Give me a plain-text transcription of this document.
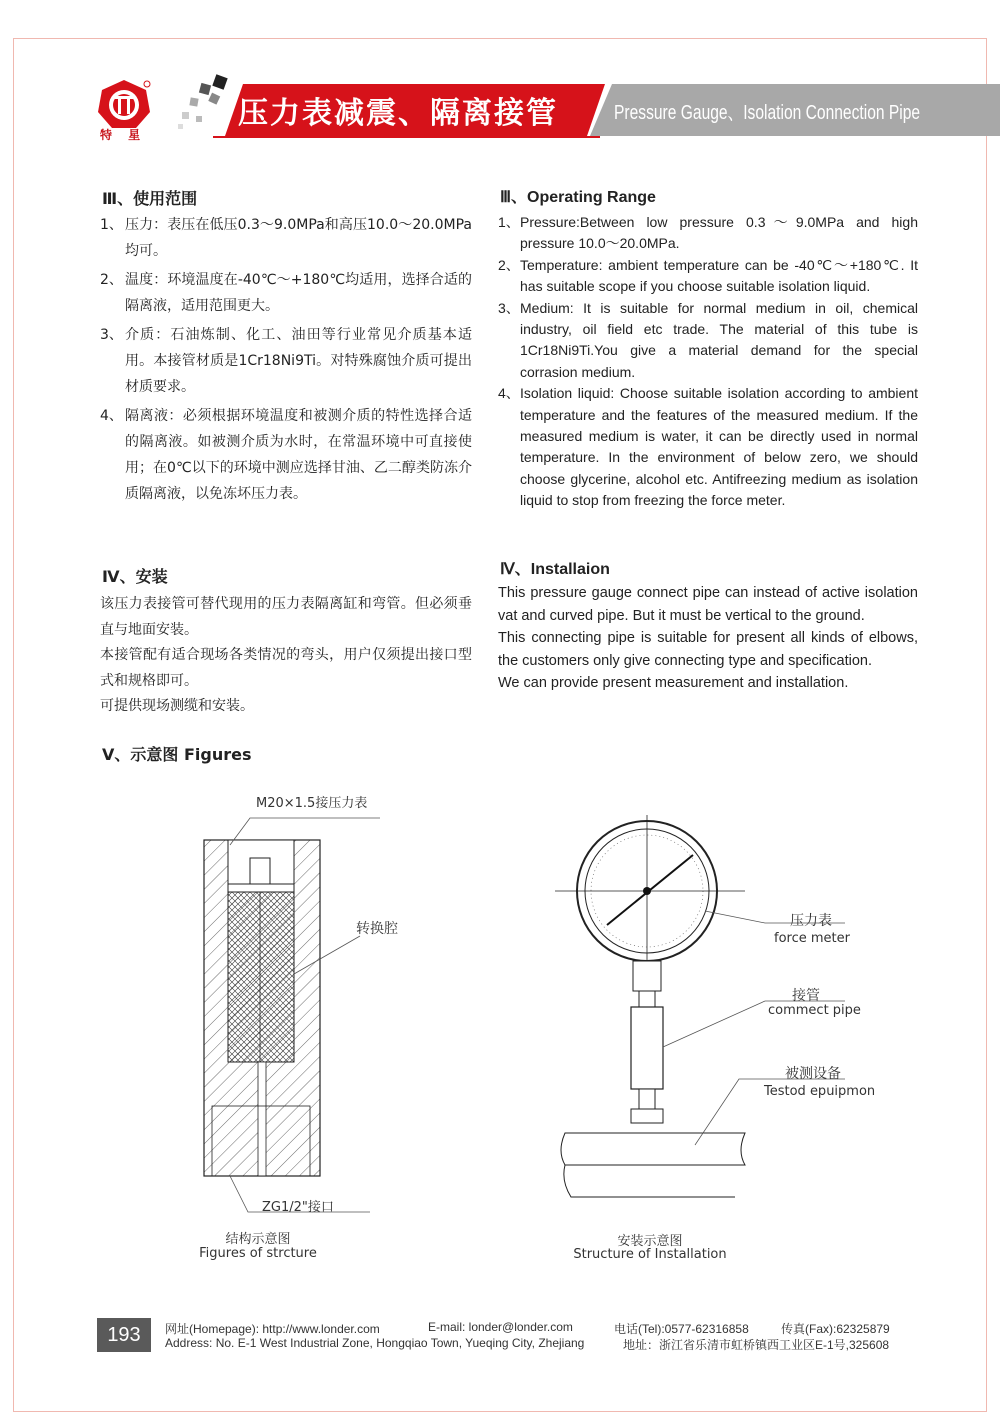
特 星
压力表减震、隔离接管	Pressure Gauge、Isolation Connection Pipe
Ⅲ、使用范围	Ⅲ、Operating Range
1、 压力：表压在低压0.3～9.0MPa和高压10.0～20.0MPa均可。
2、 温度：环境温度在-40℃～+180℃均适用，选择合适的隔离液，适用范围更大。
3、 介质：石油炼制、化工、油田等行业常见介质基本适用。本接管材质是1Cr18Ni9Ti。对特殊腐蚀介质可提出材质要求。
4、 隔离液：必须根据环境温度和被测介质的特性选择合适的隔离液。如被测介质为水时，在常温环境中可直接使用；在0℃以下的环境中测应选择甘油、乙二醇类防冻介质隔离液，以免冻坏压力表。
1、 Pressure:Between low pressure 0.3～9.0MPa and high pressure 10.0～20.0MPa.
2、 Temperature: ambient temperature can be -40℃～+180℃. It has suitable scope if you choose suitable isolation liquid.
3、 Medium: It is suitable for normal medium in oil, chemical industry, oil field etc trade. The material of this tube is 1Cr18Ni9Ti.You give a material demand for the special corrasion medium.
4、 Isolation liquid: Choose suitable isolation according to ambient temperature and the features of the measured medium. If the measured medium is water, it can be directly used in normal temperature. In the environment of below zero, we should choose glycerine, alcohol etc. Antifreezing medium as isolation liquid to stop from freezing the force meter.
Ⅳ、安装	Ⅳ、Installaion
该压力表接管可替代现用的压力表隔离缸和弯管。但必须垂直与地面安装。
本接管配有适合现场各类情况的弯头，用户仅须提出接口型式和规格即可。
可提供现场测缆和安装。
This pressure gauge connect pipe can instead of active isolation vat and curved pipe. But it must be vertical to the ground.
This connecting pipe is suitable for present all kinds of elbows, the customers only give connecting type and specification.
We can provide present measurement and installation.
Ⅴ、示意图 Figures
M20×1.5接压力表
转换腔
ZG1/2"接口
结构示意图
Figures of strcture
压力表
force meter
接管
commect pipe
被测设备
Testod epuipmon
安装示意图
Structure of Installation
193	网址(Homepage): http://www.londer.com	E-mail: londer@londer.com	电话(Tel):0577-62316858	传真(Fax):62325879
Address: No. E-1 West Industrial Zone, Hongqiao Town, Yueqing City, Zhejiang	地址：浙江省乐清市虹桥镇西工业区E-1号,325608
